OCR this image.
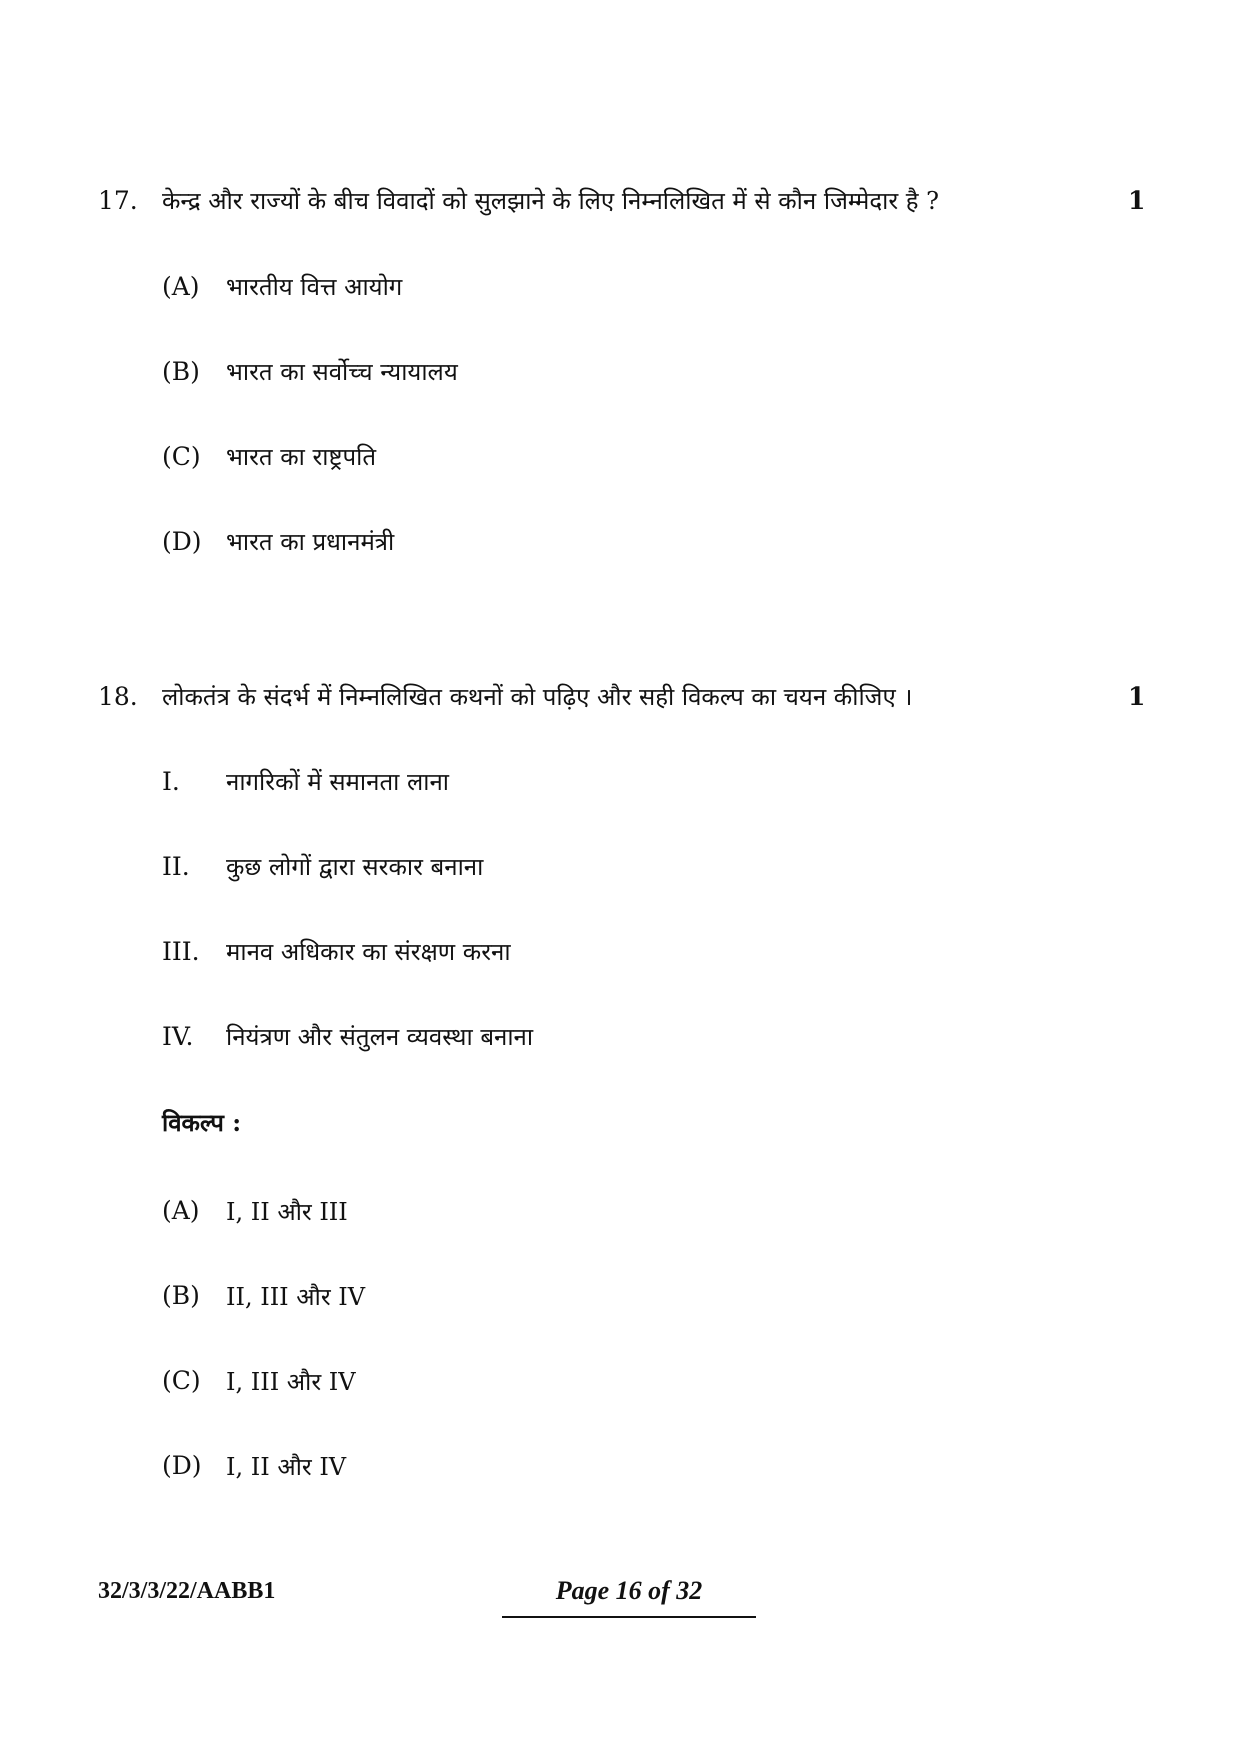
17. केन्द्र और राज्यों के बीच विवादों को सुलझाने के लिए निम्नलिखित में से कौन जिम्मेदार है ?	1
(A) भारतीय वित्त आयोग
(B) भारत का सर्वोच्च न्यायालय
(C) भारत का राष्ट्रपति
(D) भारत का प्रधानमंत्री
18. लोकतंत्र के संदर्भ में निम्नलिखित कथनों को पढ़िए और सही विकल्प का चयन कीजिए ।	1
I. नागरिकों में समानता लाना
II. कुछ लोगों द्वारा सरकार बनाना
III. मानव अधिकार का संरक्षण करना
IV. नियंत्रण और संतुलन व्यवस्था बनाना
विकल्प :
(A) I, II और III
(B) II, III और IV
(C) I, III और IV
(D) I, II और IV
32/3/3/22/AABB1	Page 16 of 32
